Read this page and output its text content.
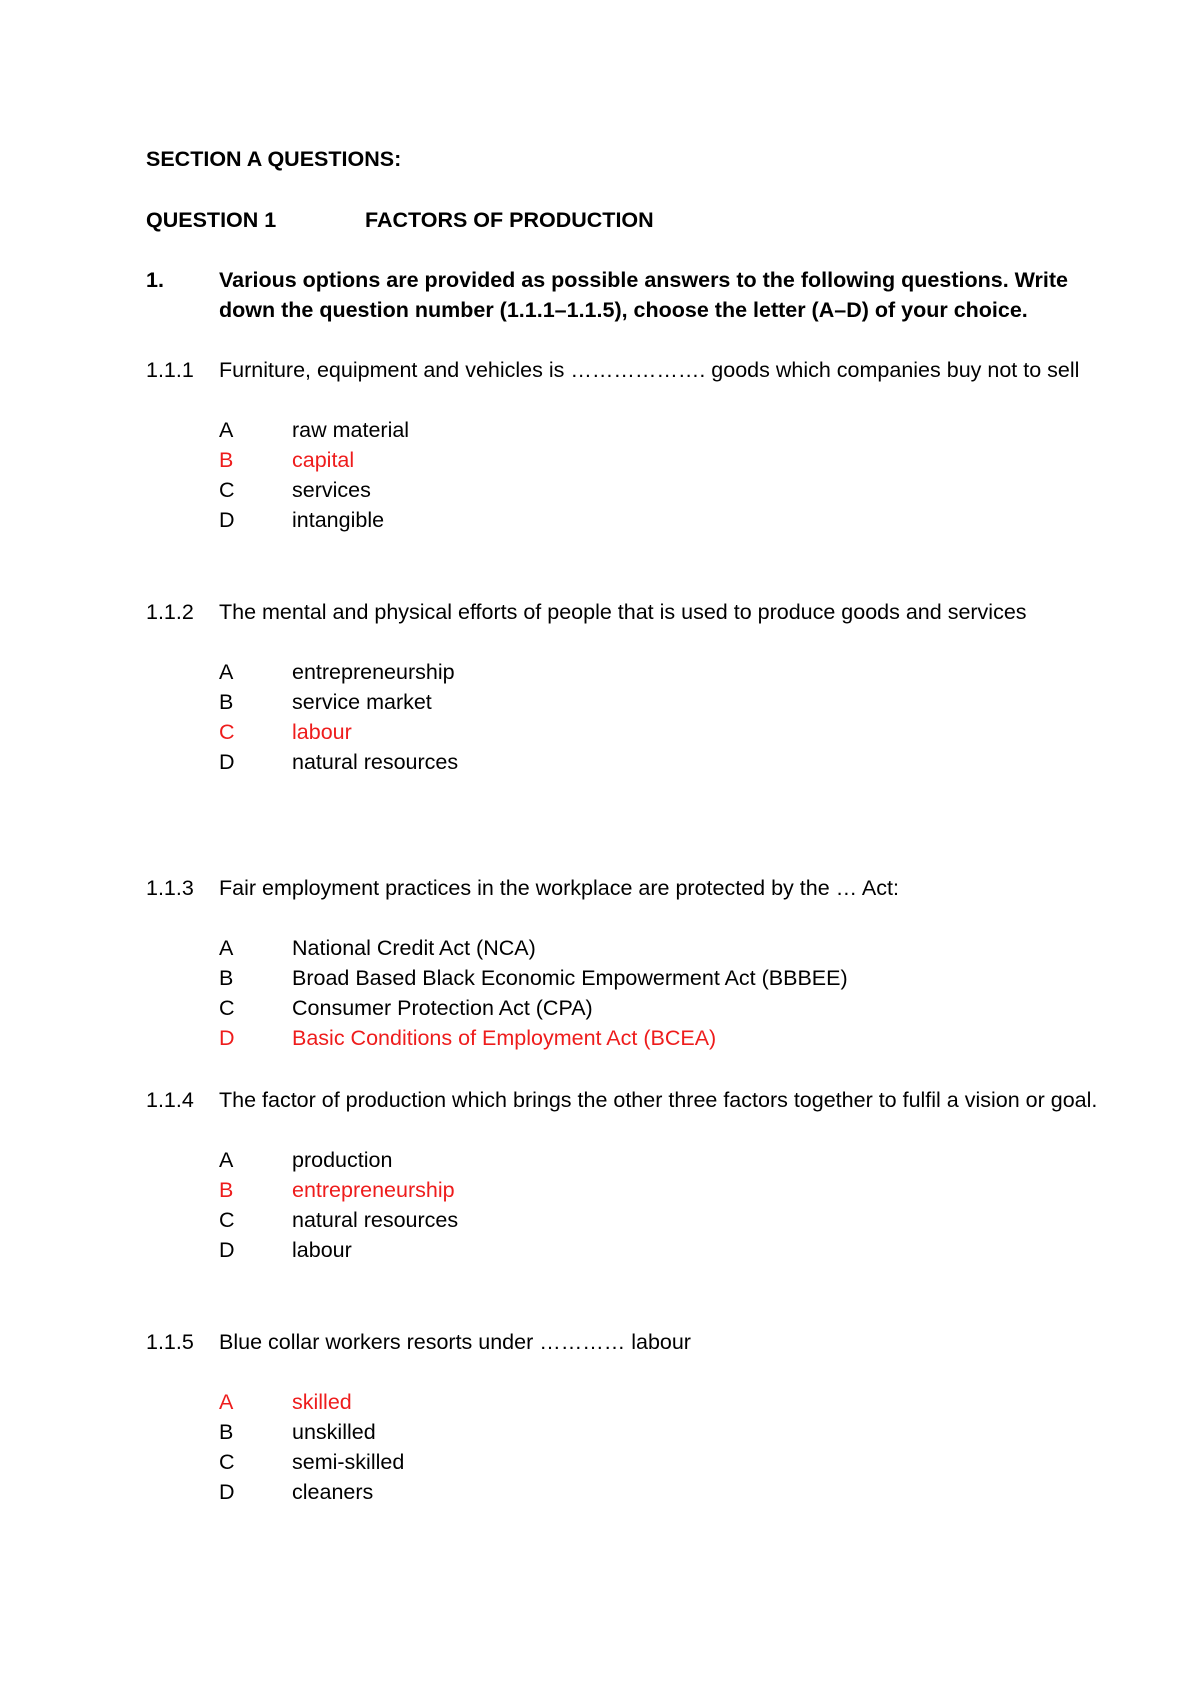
SECTION A QUESTIONS:
QUESTION 1	FACTORS OF PRODUCTION
1.	Various options are provided as possible answers to the following questions. Write down the question number (1.1.1–1.1.5), choose the letter (A–D) of your choice.
1.1.1	Furniture, equipment and vehicles is ………………. goods which companies buy not to sell
A	raw material
B	capital
C	services
D	intangible
1.1.2	The mental and physical efforts of people that is used to produce goods and services
A	entrepreneurship
B	service market
C	labour
D	natural resources
1.1.3	Fair employment practices in the workplace are protected by the … Act:
A	National Credit Act (NCA)
B	Broad Based Black Economic Empowerment Act (BBBEE)
C	Consumer Protection Act (CPA)
D	Basic Conditions of Employment Act (BCEA)
1.1.4	The factor of production which brings the other three factors together to fulfil a vision or goal.
A	production
B	entrepreneurship
C	natural resources
D	labour
1.1.5	Blue collar workers resorts under ………… labour
A	skilled
B	unskilled
C	semi-skilled
D	cleaners
